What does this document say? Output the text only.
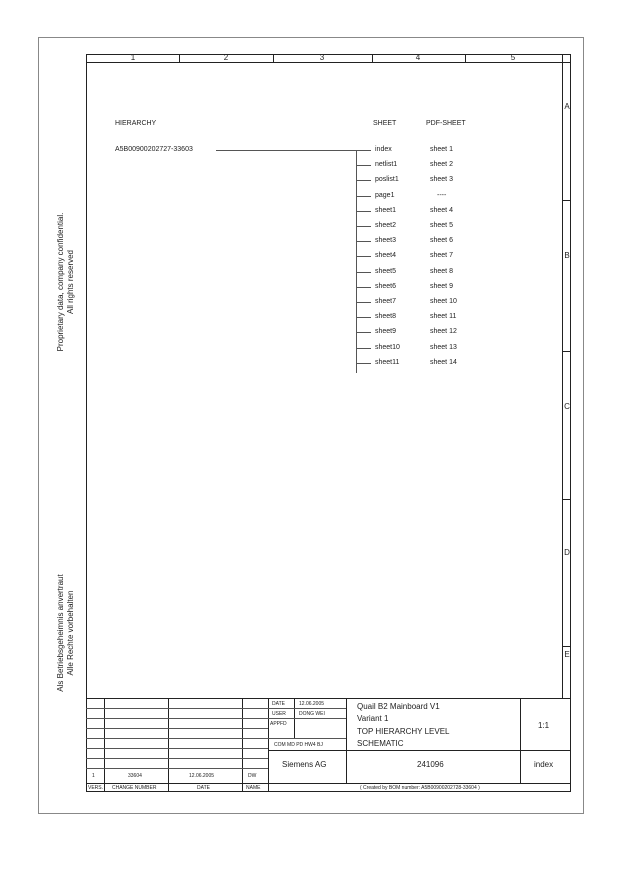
1	2	3	4	5
A
B
C
D
E
Proprietary data, company confidential. All rights reserved
Als Betriebsgeheimnis anvertraut Alle Rechte vorbehalten
HIERARCHY	SHEET	PDF-SHEET
A5B00900202727-33603	index	sheet 1
netlist1	sheet 2
poslist1	sheet 3
page1	----
sheet1	sheet 4
sheet2	sheet 5
sheet3	sheet 6
sheet4	sheet 7
sheet5	sheet 8
sheet6	sheet 9
sheet7	sheet 10
sheet8	sheet 11
sheet9	sheet 12
sheet10	sheet 13
sheet11	sheet 14
1	33604	12.06.2005	DW
VERS. CHANGE NUMBER	DATE	NAME
DATE	12.06.2005
USER	DONG WEI
APPFD
COM MD PD HW4 BJ
Siemens AG
Quail B2 Mainboard V1
Variant 1
TOP HIERARCHY LEVEL
SCHEMATIC
1:1
241096	index
( Created by BOM number: A5B00900202728-33604 )
